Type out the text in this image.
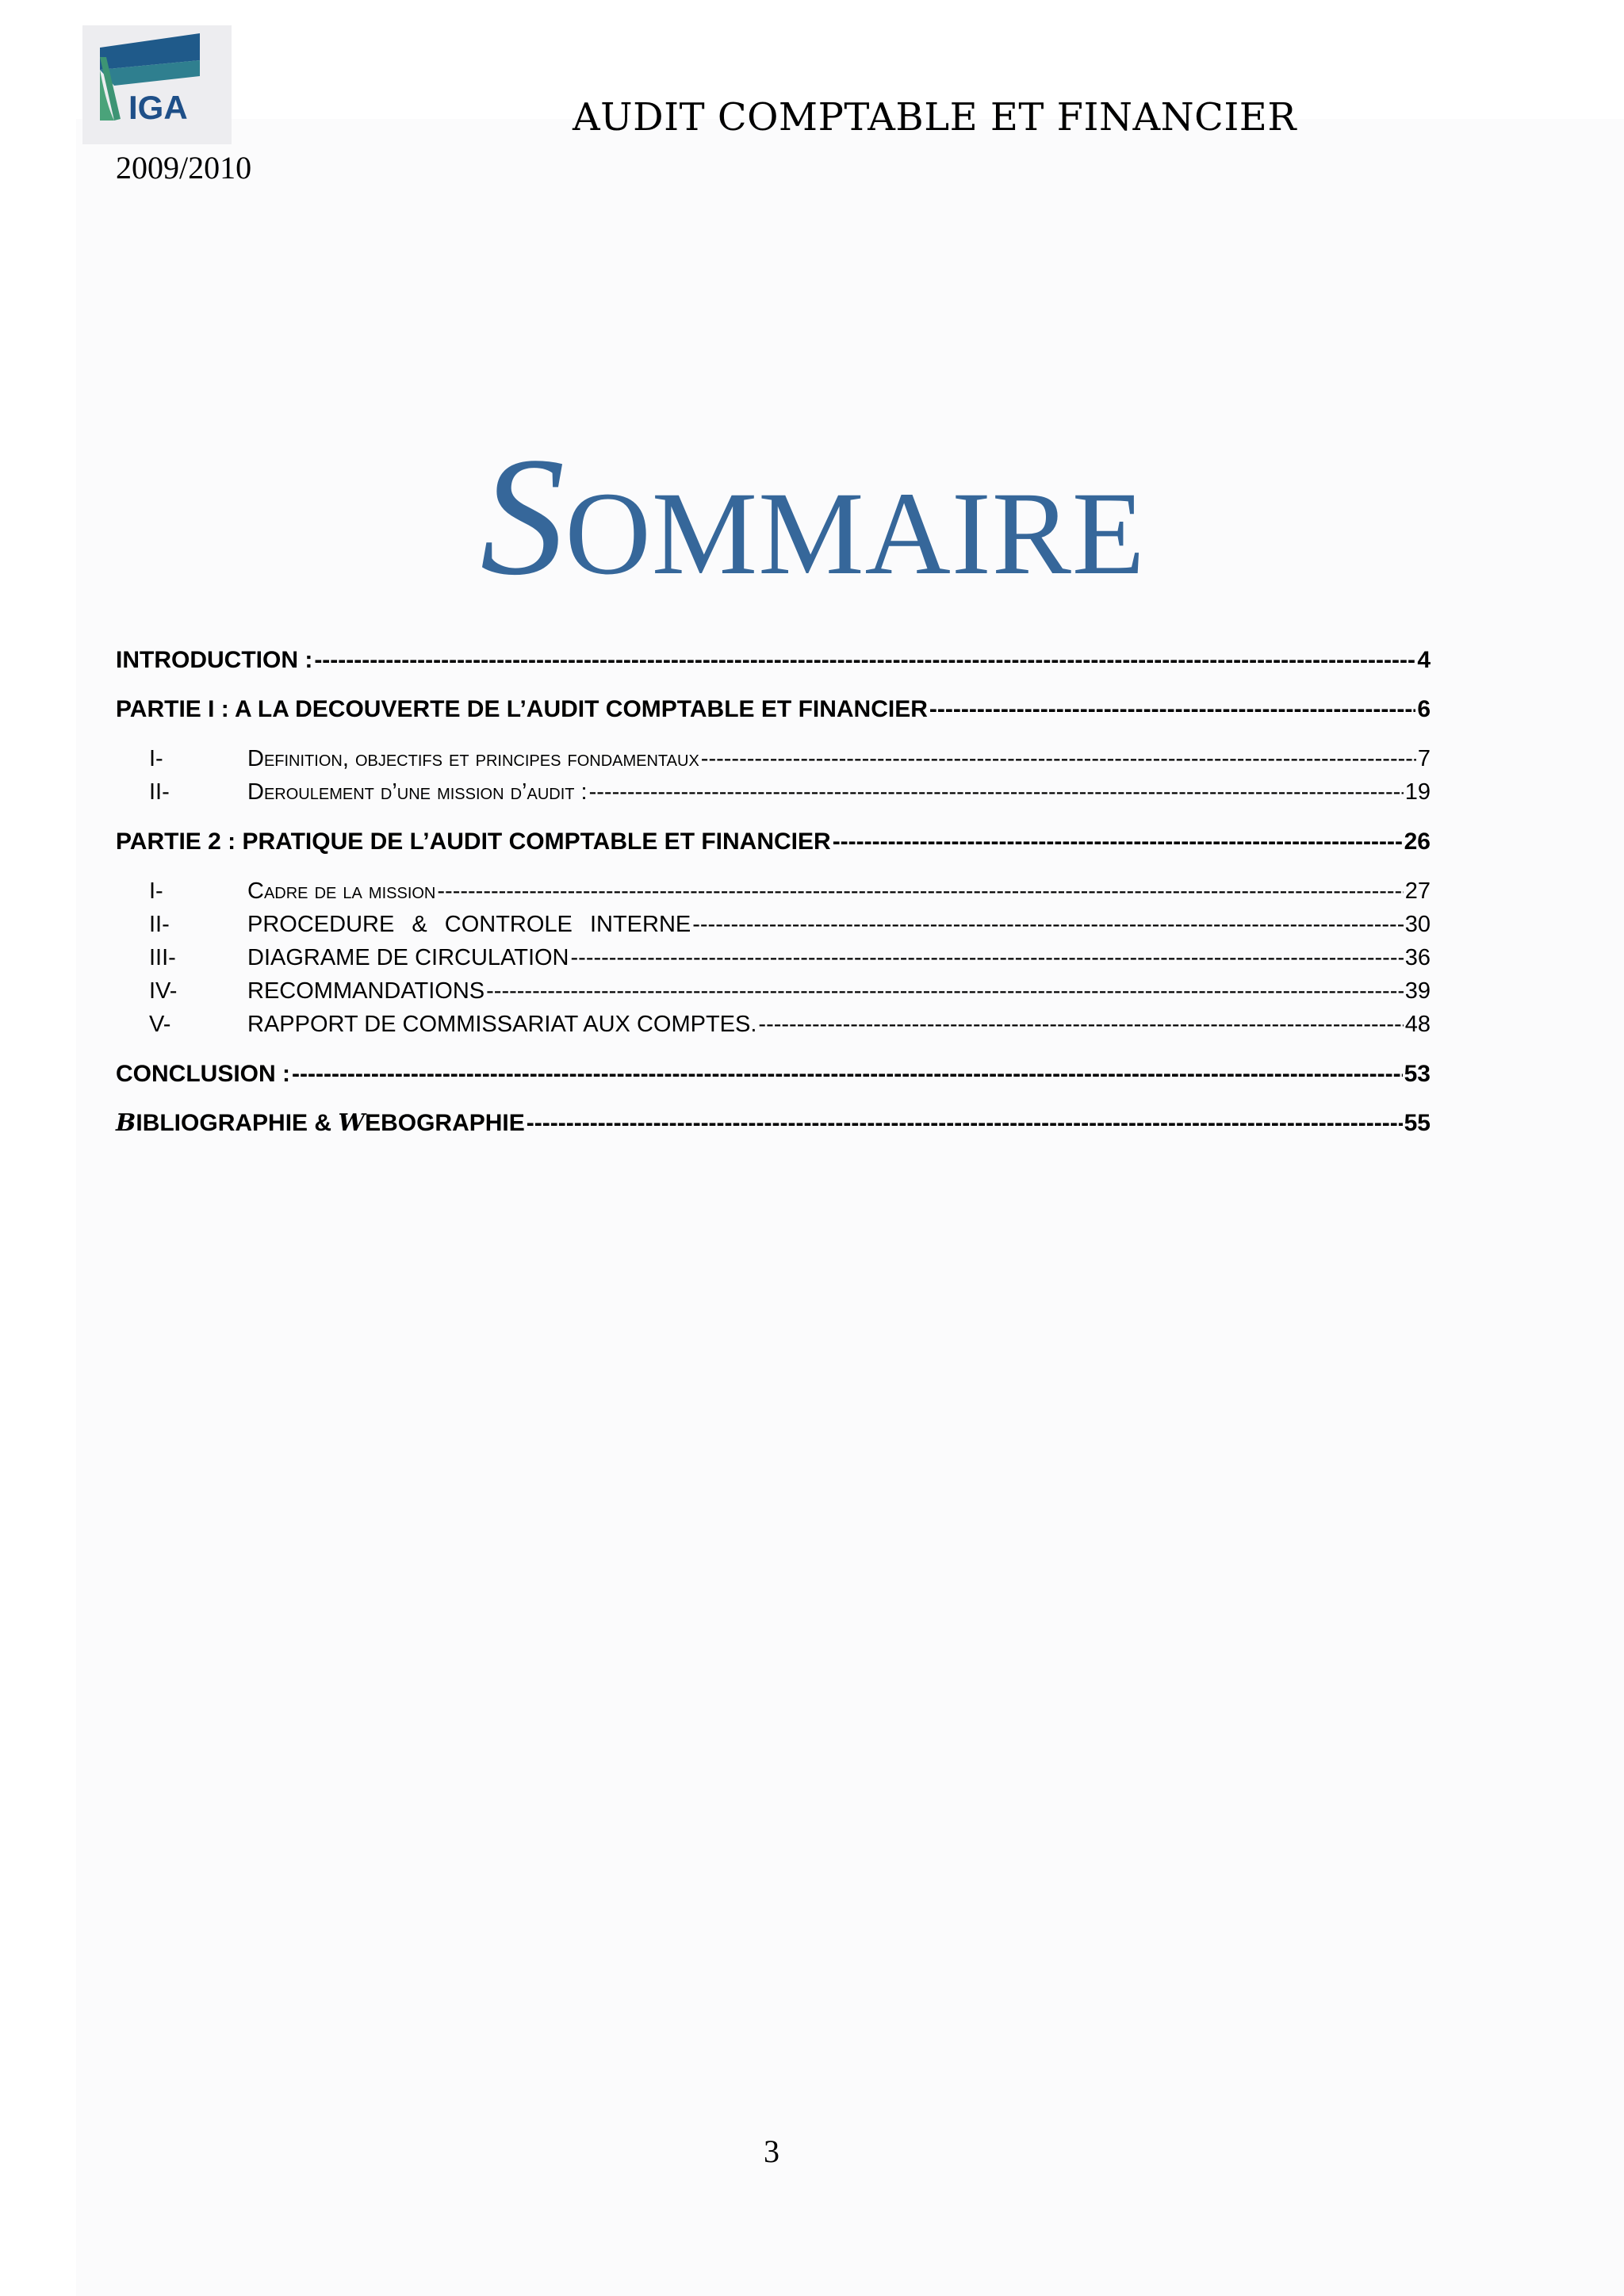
IGA
2009/2010
AUDIT COMPTABLE ET FINANCIER
SOMMAIRE
INTRODUCTION : -----	4
PARTIE I : A LA DECOUVERTE DE L’AUDIT COMPTABLE ET FINANCIER -----	6
I-	Definition, objectifs et principes fondamentaux -----	7
II-	Deroulement d’une mission d’audit : -----	19
PARTIE 2 : PRATIQUE DE L’AUDIT COMPTABLE ET FINANCIER -----	26
I-	Cadre de la mission -----	27
II-	PROCEDURE & CONTROLE INTERNE -----	30
III-	DIAGRAME DE CIRCULATION -----	36
IV-	RECOMMANDATIONS -----	39
V-	RAPPORT DE COMMISSARIAT AUX COMPTES. -----	48
CONCLUSION : -----	53
BIBLIOGRAPHIE & WEBOGRAPHIE -----	55
3
